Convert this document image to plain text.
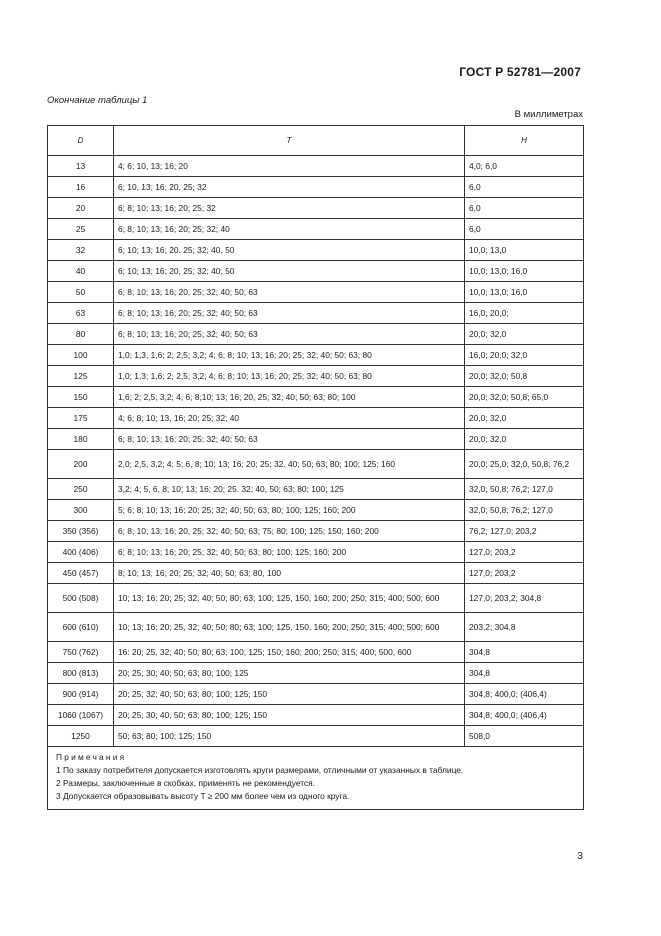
ГОСТ Р 52781—2007
Окончание таблицы 1
В миллиметрах
D	T	H
13	4; 6; 10, 13; 16; 20	4,0; 6,0
16	6; 10, 13; 16; 20, 25; 32	6,0
20	6; 8; 10; 13; 16; 20; 25; 32	6,0
25	6; 8; 10; 13; 16; 20; 25; 32; 40	6,0
32	6; 10; 13; 16; 20. 25; 32; 40, 50	10,0; 13,0
40	6; 10; 13; 16; 20, 25; 32; 40; 50	10,0; 13,0; 16,0
50	6; 8; 10; 13; 16; 20, 25; 32; 40; 50; 63	10,0; 13,0; 16,0
63	6; 8; 10; 13; 16; 20; 25; 32; 40; 50; 63	16,0; 20,0;
80	6; 8; 10; 13; 16; 20; 25; 32; 40; 50; 63	20,0; 32,0
100	1,0; 1,3, 1,6; 2; 2,5; 3,2; 4; 6; 8; 10; 13; 16; 20; 25; 32; 40; 50; 63; 80	16,0; 20,0; 32,0
125	1,0; 1,3; 1,6; 2; 2,5; 3,2; 4; 6; 8; 10; 13; 16; 20; 25; 32; 40; 50; 63; 80	20,0; 32,0; 50,8
150	1,6; 2; 2,5; 3,2; 4; 6; 8;10; 13; 16; 20, 25; 32; 40; 50; 63; 80; 100	20,0; 32,0; 50,8; 65,0
175	4; 6; 8; 10; 13, 16; 20; 25; 32; 40	20,0; 32,0
180	6; 8; 10; 13; 16; 20; 25; 32; 40; 50; 63	20,0; 32,0
200	2,0; 2,5, 3,2; 4; 5; 6, 8; 10; 13; 16; 20; 25; 32. 40; 50; 63; 80; 100; 125; 160	20,0; 25,0; 32,0, 50,8; 76,2
250	3,2; 4; 5, 6, 8; 10; 13; 16; 20; 25. 32; 40, 50; 63; 80; 100; 125	32,0; 50,8; 76,2; 127,0
300	5; 6; 8; 10; 13; 16; 20; 25; 32; 40; 50; 63; 80; 100; 125; 160; 200	32,0; 50,8; 76,2; 127,0
350 (356)	6; 8; 10; 13; 16; 20, 25; 32; 40; 50; 63; 75; 80; 100; 125; 150; 160; 200	76,2; 127,0; 203,2
400 (406)	6; 8; 10; 13; 16; 20; 25; 32; 40; 50; 63; 80; 100; 125; 160; 200	127,0; 203,2
450 (457)	8; 10; 13; 16; 20; 25; 32; 40; 50; 63; 80, 100	127,0; 203,2
500 (508)	10; 13; 16: 20; 25; 32; 40; 50; 80; 63; 100; 125, 150, 160; 200; 250; 315; 400; 500; 600	127,0; 203,2; 304,8
600 (610)	10; 13; 16: 20; 25, 32; 40; 50; 80; 63; 100; 125, 150, 160; 200; 250; 315; 400; 500; 600	203,2; 304,8
750 (762)	16: 20; 25, 32; 40; 50; 80; 63; 100; 125; 150; 160; 200; 250; 315; 400; 500, 600	304,8
800 (813)	20; 25; 30; 40; 50; 63; 80; 100; 125	304,8
900 (914)	20; 25; 32; 40; 50; 63; 80; 100; 125; 150	304,8; 400,0; (406,4)
1060 (1067)	20; 25; 30; 40, 50; 63; 80; 100; 125; 150	304,8; 400,0; (406,4)
1250	50; 63; 80; 100; 125; 150	508,0

Примечания
1 По заказу потребителя допускается изготовлять круги размерами, отличными от указанных в таблице.
2 Размеры, заключенные в скобках, применять не рекомендуется.
3 Допускается образовывать высоту T ≥ 200 мм более чем из одного круга.		
3
